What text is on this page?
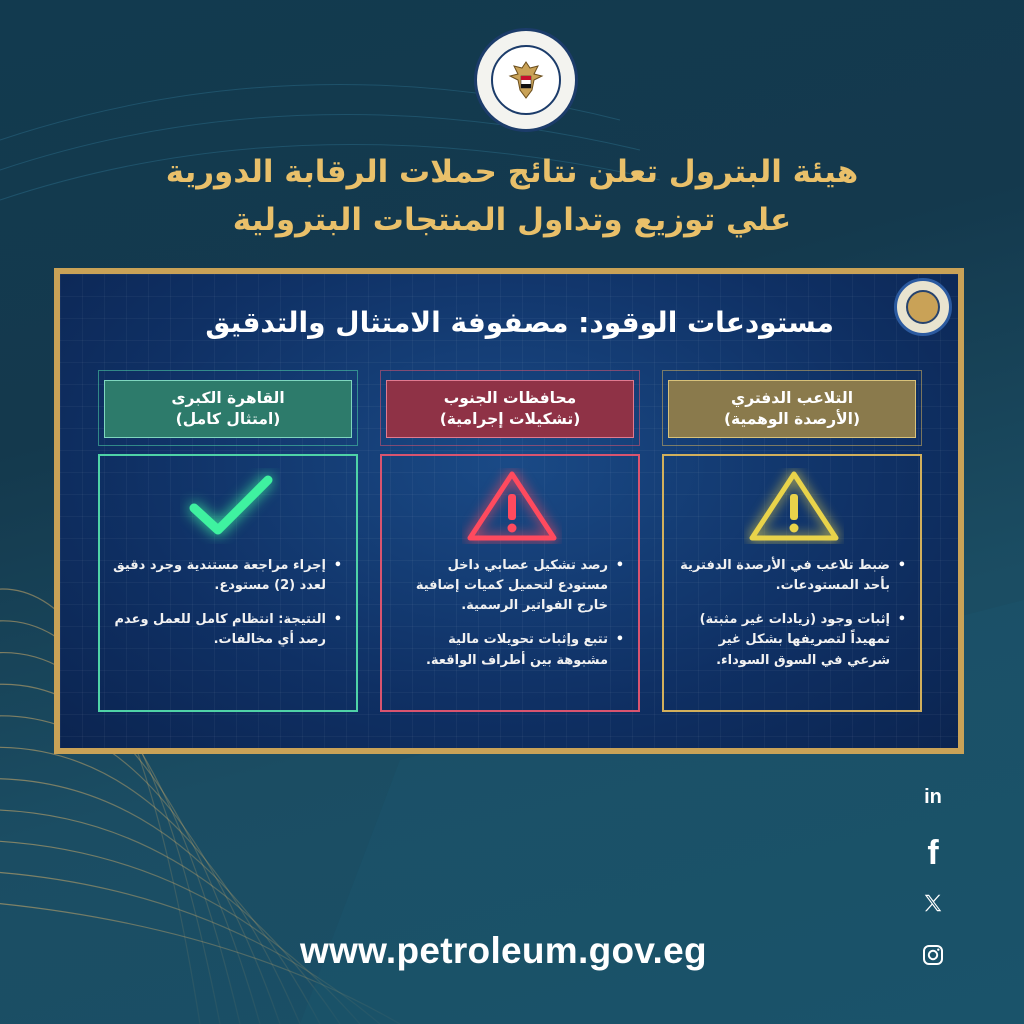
هيئة البترول تعلن نتائج حملات الرقابة الدورية
علي توزيع وتداول المنتجات البترولية
مستودعات الوقود: مصفوفة الامتثال والتدقيق
التلاعب الدفتري
(الأرصدة الوهمية)
• ضبط تلاعب في الأرصدة الدفترية بأحد المستودعات.
• إثبات وجود (زيادات غير مثبتة) تمهيداً لتصريفها بشكل غير شرعي في السوق السوداء.
محافظات الجنوب
(تشكيلات إجرامية)
• رصد تشكيل عصابي داخل مستودع لتحميل كميات إضافية خارج الفواتير الرسمية.
• تتبع وإثبات تحويلات مالية مشبوهة بين أطراف الواقعة.
القاهرة الكبرى
(امتثال كامل)
• إجراء مراجعة مستندية وجرد دقيق لعدد (2) مستودع.
• النتيجة: انتظام كامل للعمل وعدم رصد أي مخالفات.
in
f
www.petroleum.gov.eg
